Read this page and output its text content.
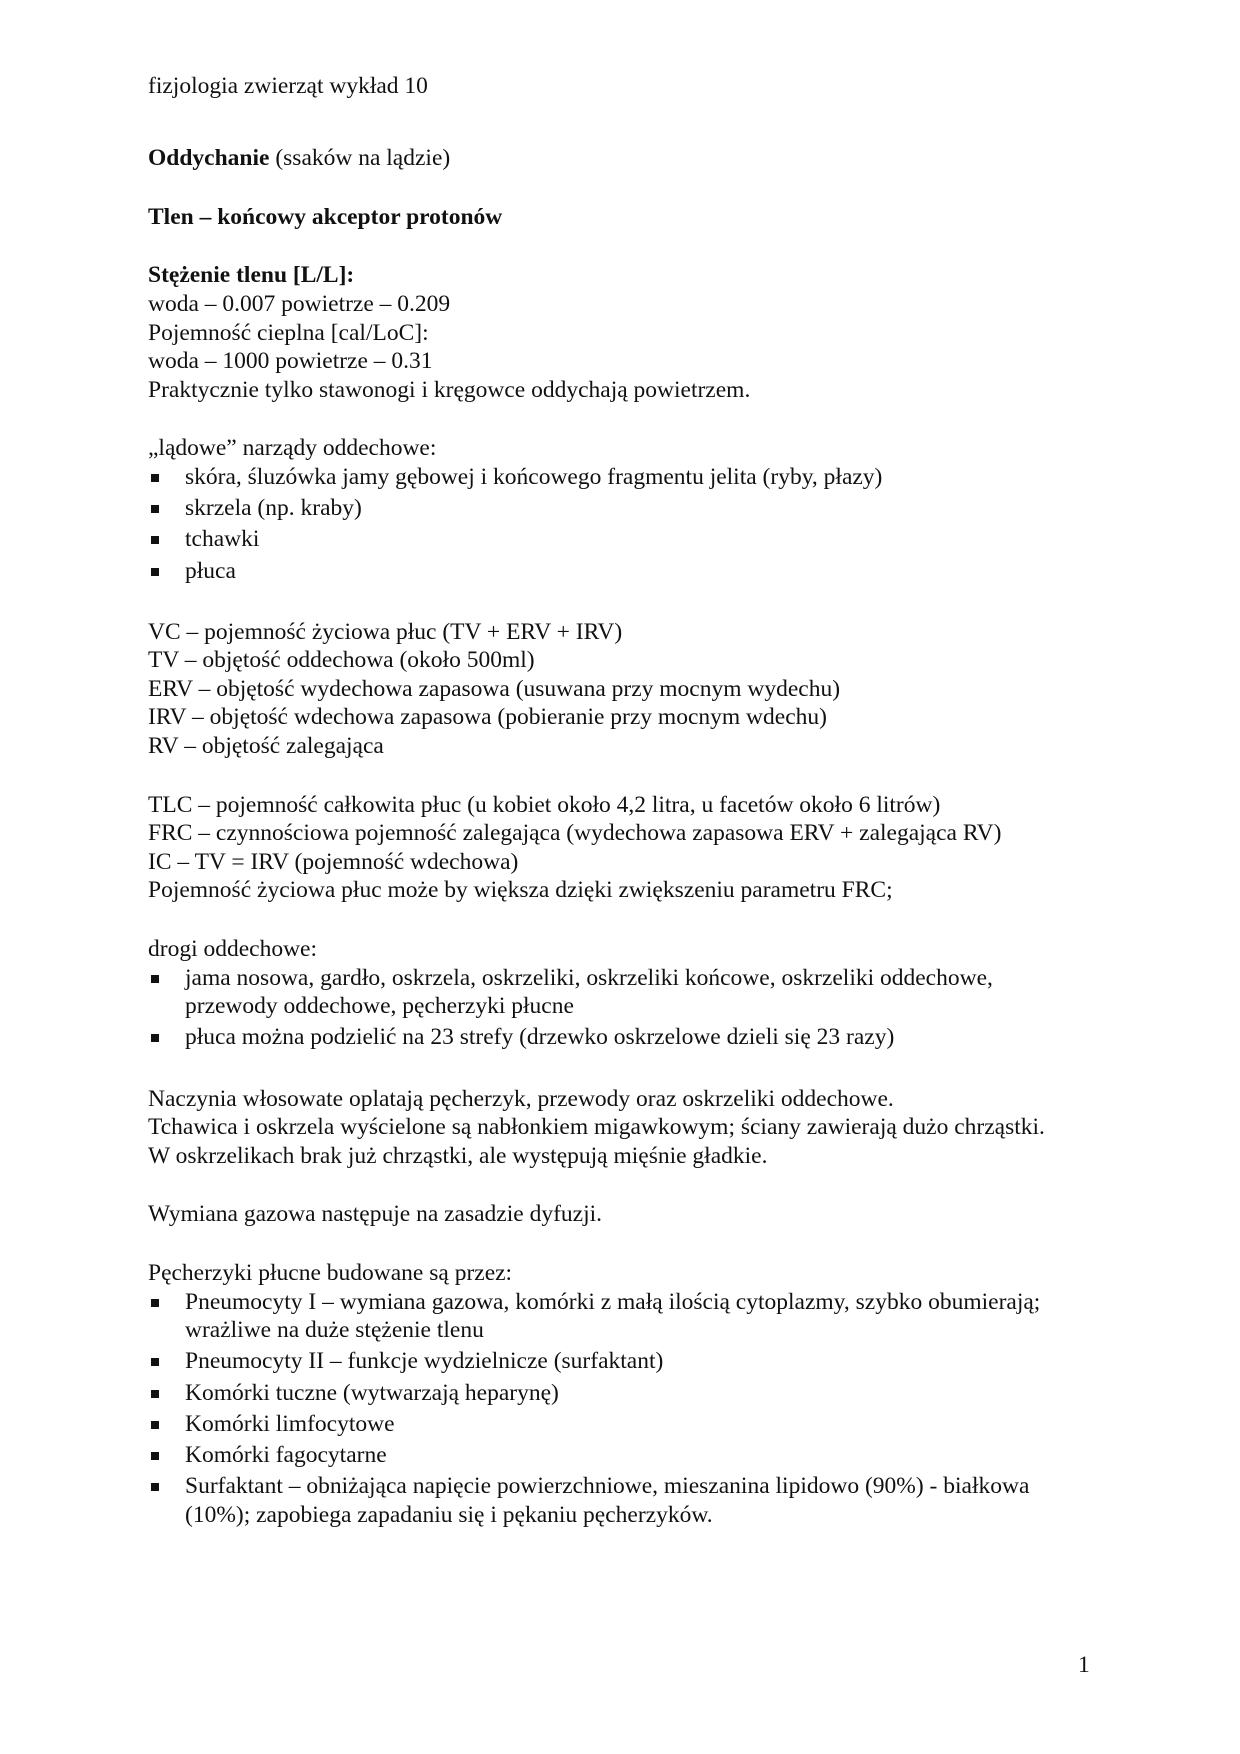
fizjologia zwierząt wykład 10

Oddychanie (ssaków na lądzie)

Tlen – końcowy akceptor protonów

Stężenie tlenu [L/L]:

woda – 0.007 powietrze – 0.209

Pojemność cieplna [cal/LoC]:

woda – 1000 powietrze – 0.31

Praktycznie tylko stawonogi i kręgowce oddychają powietrzem.

„lądowe” narządy oddechowe:

skóra, śluzówka jamy gębowej i końcowego fragmentu jelita (ryby, płazy)
skrzela (np. kraby)
tchawki
płuca

VC – pojemność życiowa płuc (TV + ERV + IRV)

TV – objętość oddechowa (około 500ml)

ERV – objętość wydechowa zapasowa (usuwana przy mocnym wydechu)

IRV – objętość wdechowa zapasowa (pobieranie przy mocnym wdechu)

RV – objętość zalegająca

TLC – pojemność całkowita płuc (u kobiet około 4,2 litra, u facetów około 6 litrów)

FRC – czynnościowa pojemność zalegająca (wydechowa zapasowa ERV + zalegająca RV)

IC – TV = IRV (pojemność wdechowa)

Pojemność życiowa płuc może by większa dzięki zwiększeniu parametru FRC;

drogi oddechowe:

jama nosowa, gardło, oskrzela, oskrzeliki, oskrzeliki końcowe, oskrzeliki oddechowe, przewody oddechowe, pęcherzyki płucne
płuca można podzielić na 23 strefy (drzewko oskrzelowe dzieli się 23 razy)

Naczynia włosowate oplatają pęcherzyk, przewody oraz oskrzeliki oddechowe.

Tchawica i oskrzela wyścielone są nabłonkiem migawkowym; ściany zawierają dużo chrząstki.

W oskrzelikach brak już chrząstki, ale występują mięśnie gładkie.

Wymiana gazowa następuje na zasadzie dyfuzji.

Pęcherzyki płucne budowane są przez:

Pneumocyty I – wymiana gazowa, komórki z małą ilością cytoplazmy, szybko obumierają; wrażliwe na duże stężenie tlenu
Pneumocyty II – funkcje wydzielnicze (surfaktant)
Komórki tuczne (wytwarzają heparynę)
Komórki limfocytowe
Komórki fagocytarne
Surfaktant – obniżająca napięcie powierzchniowe, mieszanina lipidowo (90%) - białkowa (10%); zapobiega zapadaniu się i pękaniu pęcherzyków.
1
